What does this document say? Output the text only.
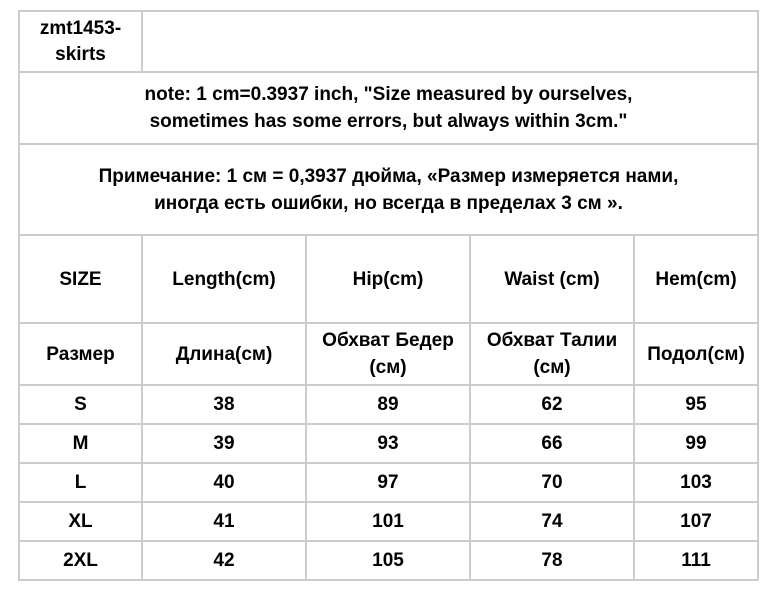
zmt1453-
skirts				

note: 1 cm=0.3937 inch, "Size measured by ourselves,
sometimes has some errors, but always within 3cm."				

Примечание: 1 см = 0,3937 дюйма, «Размер измеряется нами,
иногда есть ошибки, но всегда в пределах 3 см ».				

SIZE	Length(cm)	Hip(cm)	Waist (cm)	Hem(cm)
Размер	Длина(см)	Обхват Бедер (см)	Обхват Талии (см)	Подол(см)
S	38	89	62	95
M	39	93	66	99
L	40	97	70	103
XL	41	101	74	107
2XL	42	105	78	111
